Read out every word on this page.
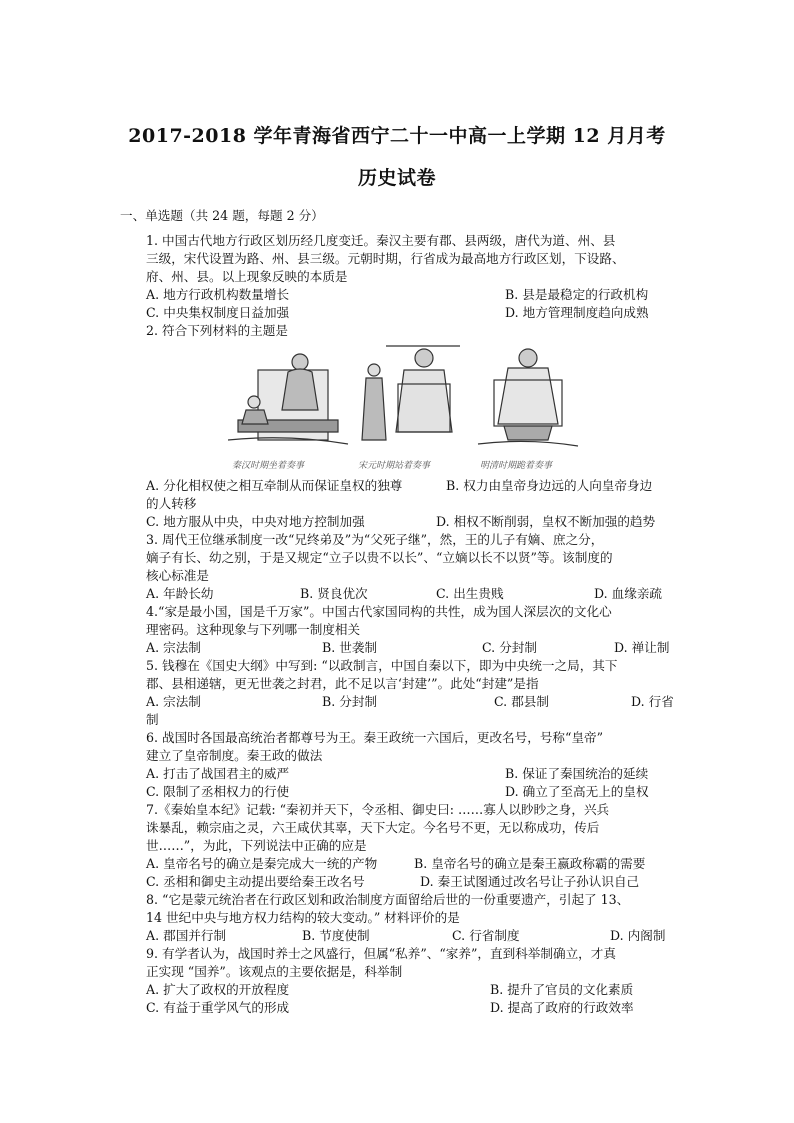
2017-2018 学年青海省西宁二十一中高一上学期 12 月月考
历史试卷
一、单选题（共 24 题，每题 2 分）
1. 中国古代地方行政区划历经几度变迁。秦汉主要有郡、县两级，唐代为道、州、县
三级，宋代设置为路、州、县三级。元朝时期，行省成为最高地方行政区划，下设路、
府、州、县。以上现象反映的本质是
A. 地方行政机构数量增长	B. 县是最稳定的行政机构
C. 中央集权制度日益加强	D. 地方管理制度趋向成熟
2. 符合下列材料的主题是
秦汉时期坐着奏事	宋元时期站着奏事	明清时期跪着奏事
A. 分化相权使之相互牵制从而保证皇权的独尊	B. 权力由皇帝身边远的人向皇帝身边
的人转移
C. 地方服从中央，中央对地方控制加强	D. 相权不断削弱，皇权不断加强的趋势
3. 周代王位继承制度一改“兄终弟及”为“父死子继”，然，王的儿子有嫡、庶之分，
嫡子有长、幼之别，于是又规定“立子以贵不以长”、“立嫡以长不以贤”等。该制度的
核心标准是
A. 年龄长幼	B. 贤良优次	C. 出生贵贱	D. 血缘亲疏
4.“家是最小国，国是千万家”。中国古代家国同构的共性，成为国人深层次的文化心
理密码。这种现象与下列哪一制度相关
A. 宗法制	B. 世袭制	C. 分封制	D. 禅让制
5. 钱穆在《国史大纲》中写到: “以政制言，中国自秦以下，即为中央统一之局，其下
郡、县相递辖，更无世袭之封君，此不足以言‘封建’”。此处“封建”是指
A. 宗法制	B. 分封制	C. 郡县制	D. 行省
制
6. 战国时各国最高统治者都尊号为王。秦王政统一六国后，更改名号，号称“皇帝”
建立了皇帝制度。秦王政的做法
A. 打击了战国君主的威严	B. 保证了秦国统治的延续
C. 限制了丞相权力的行使	D. 确立了至高无上的皇权
7.《秦始皇本纪》记载: “秦初并天下，令丞相、御史曰: ……寡人以眇眇之身，兴兵
诛暴乱，赖宗庙之灵，六王咸伏其辜，天下大定。今名号不更，无以称成功，传后
世……”，为此，下列说法中正确的应是
A. 皇帝名号的确立是秦完成大一统的产物	B. 皇帝名号的确立是秦王嬴政称霸的需要
C. 丞相和御史主动提出要给秦王改名号	D. 秦王试图通过改名号让子孙认识自己
8. “它是蒙元统治者在行政区划和政治制度方面留给后世的一份重要遗产，引起了 13、
14 世纪中央与地方权力结构的较大变动。” 材料评价的是
A. 郡国并行制	B. 节度使制	C. 行省制度	D. 内阁制
9. 有学者认为，战国时养士之风盛行，但属“私养”、“家养”，直到科举制确立，才真
正实现 “国养”。该观点的主要依据是，科举制
A. 扩大了政权的开放程度	B. 提升了官员的文化素质
C. 有益于重学风气的形成	D. 提高了政府的行政效率
